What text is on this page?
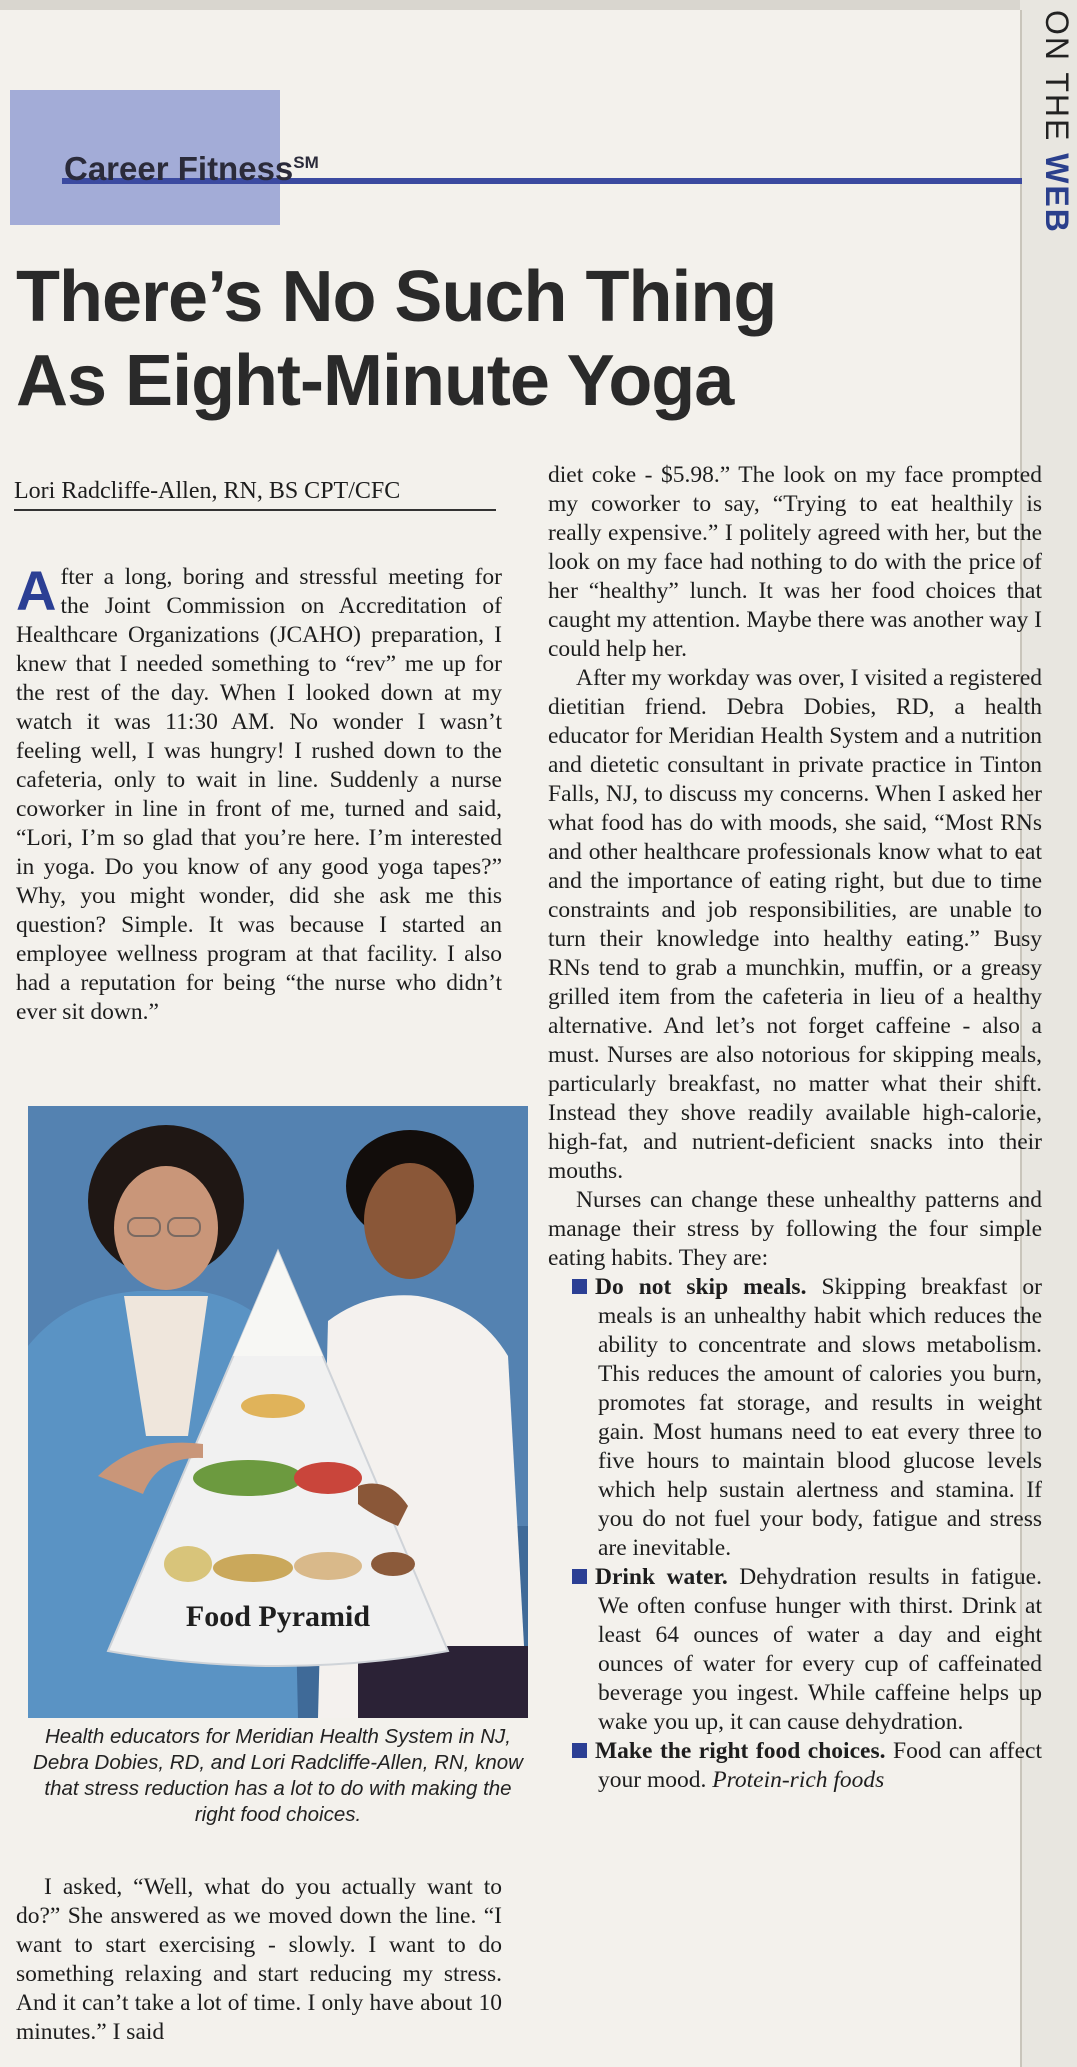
ON THE WEB
Career Fitness℠
There’s No Such Thing
As Eight-Minute Yoga
Lori Radcliffe-Allen, RN, BS CPT/CFC

After a long, boring and stressful meeting for the Joint Commission on Accreditation of Healthcare Organizations (JCAHO) preparation, I knew that I needed something to “rev” me up for the rest of the day. When I looked down at my watch it was 11:30 AM. No wonder I wasn’t feeling well, I was hungry! I rushed down to the cafeteria, only to wait in line. Suddenly a nurse coworker in line in front of me, turned and said, “Lori, I’m so glad that you’re here. I’m interested in yoga. Do you know of any good yoga tapes?” Why, you might wonder, did she ask me this question? Simple. It was because I started an employee wellness program at that facility. I also had a reputation for being “the nurse who didn’t ever sit down.”

Food Pyramid
Health educators for Meridian Health System in NJ, Debra Dobies, RD, and Lori Radcliffe-Allen, RN, know that stress reduction has a lot to do with making the right food choices.

I asked, “Well, what do you actually want to do?” She answered as we moved down the line. “I want to start exercising - slowly. I want to do something relaxing and start reducing my stress. And it can’t take a lot of time. I only have about 10 minutes.” I said

diet coke - $5.98.” The look on my face prompted my coworker to say, “Trying to eat healthily is really expensive.” I politely agreed with her, but the look on my face had nothing to do with the price of her “healthy” lunch. It was her food choices that caught my attention. Maybe there was another way I could help her.

After my workday was over, I visited a registered dietitian friend. Debra Dobies, RD, a health educator for Meridian Health System and a nutrition and dietetic consultant in private practice in Tinton Falls, NJ, to discuss my concerns. When I asked her what food has do with moods, she said, “Most RNs and other healthcare professionals know what to eat and the importance of eating right, but due to time constraints and job responsibilities, are unable to turn their knowledge into healthy eating.” Busy RNs tend to grab a munchkin, muffin, or a greasy grilled item from the cafeteria in lieu of a healthy alternative. And let’s not forget caffeine - also a must. Nurses are also notorious for skipping meals, particularly breakfast, no matter what their shift. Instead they shove readily available high-calorie, high-fat, and nutrient-deficient snacks into their mouths.

Nurses can change these unhealthy patterns and manage their stress by following the four simple eating habits. They are:

Do not skip meals. Skipping breakfast or meals is an unhealthy habit which reduces the ability to concentrate and slows metabolism. This reduces the amount of calories you burn, promotes fat storage, and results in weight gain. Most humans need to eat every three to five hours to maintain blood glucose levels which help sustain alertness and stamina. If you do not fuel your body, fatigue and stress are inevitable.

Drink water. Dehydration results in fatigue. We often confuse hunger with thirst. Drink at least 64 ounces of water a day and eight ounces of water for every cup of caffeinated beverage you ingest. While caffeine helps up wake you up, it can cause dehydration.

Make the right food choices. Food can affect your mood. Protein-rich foods
